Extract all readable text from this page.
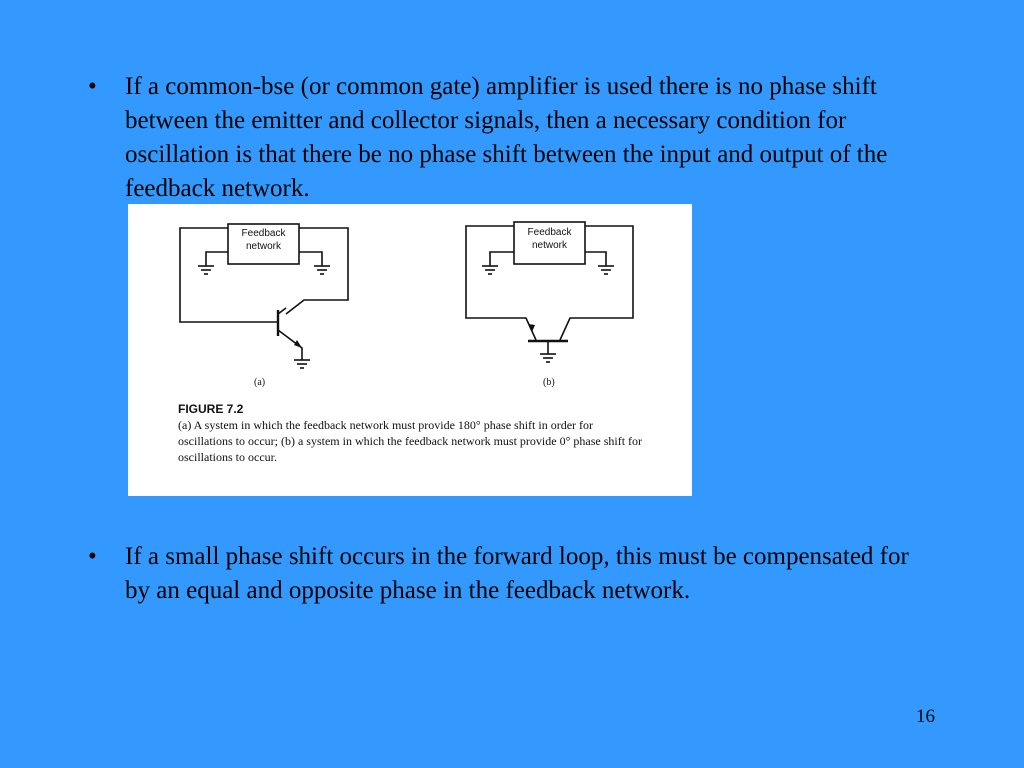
• If a common-bse (or common gate) amplifier is used there is no phase shift between the emitter and collector signals, then a necessary condition for oscillation is that there be no phase shift between the input and output of the feedback network.
Feedback
network
Feedback
network
(a)	(b)
FIGURE 7.2
(a) A system in which the feedback network must provide 180° phase shift in order for oscillations to occur; (b) a system in which the feedback network must provide 0° phase shift for oscillations to occur.
• If a small phase shift occurs in the forward loop, this must be compensated for by an equal and opposite phase in the feedback network.
16
